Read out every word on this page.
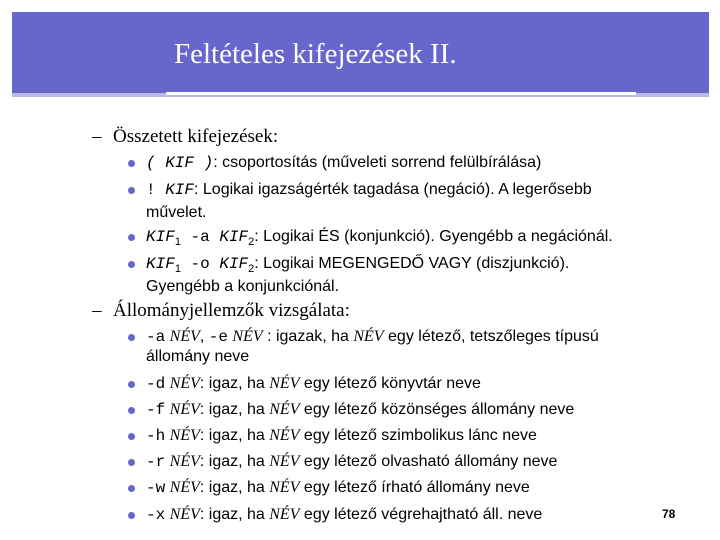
Feltételes kifejezések II.
– Összetett kifejezések:
( KIF ): csoportosítás (műveleti sorrend felülbírálása)
! KIF: Logikai igazságérték tagadása (negáció). A legerősebb
művelet.
$KIF_1$ -a $KIF_2$: Logikai ÉS (konjunkció). Gyengébb a negációnál.
$KIF_1$ -o $KIF_2$: Logikai MEGENGEDŐ VAGY (diszjunkció).
Gyengébb a konjunkciónál.
– Állományjellemzők vizsgálata:
-a NÉV, -e NÉV : igazak, ha NÉV egy létező, tetszőleges típusú
állomány neve
-d NÉV: igaz, ha NÉV egy létező könyvtár neve
-f NÉV: igaz, ha NÉV egy létező közönséges állomány neve
-h NÉV: igaz, ha NÉV egy létező szimbolikus lánc neve
-r NÉV: igaz, ha NÉV egy létező olvasható állomány neve
-w NÉV: igaz, ha NÉV egy létező írható állomány neve
-x NÉV: igaz, ha NÉV egy létező végrehajtható áll. neve	78
